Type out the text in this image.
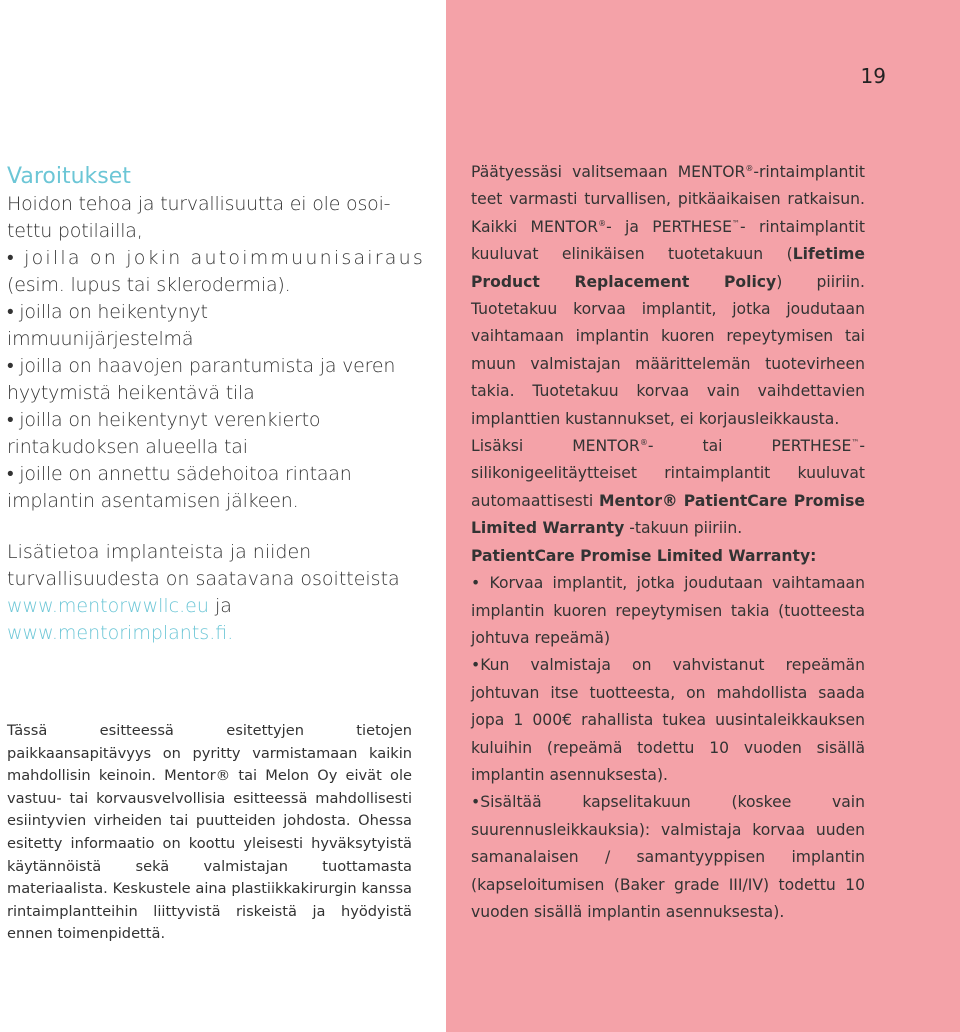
19
Varoitukset
Hoidon tehoa ja turvallisuutta ei ole osoi-
tettu potilailla,
• joilla on jokin autoimmuunisairaus
(esim. lupus tai sklerodermia).
• joilla on heikentynyt
immuunijärjestelmä
• joilla on haavojen parantumista ja veren
hyytymistä heikentävä tila
• joilla on heikentynyt verenkierto
rintakudoksen alueella tai
• joille on annettu sädehoitoa rintaan
implantin asentamisen jälkeen.
Lisätietoa implanteista ja niiden turvallisuudesta on saatavana osoitteista www.mentorwwllc.eu ja www.mentorimplants.fi.
Tässä esitteessä esitettyjen tietojen paikkaansapitävyys on pyritty varmistamaan kaikin mahdollisin keinoin. Mentor® tai Melon Oy eivät ole vastuu- tai korvausvelvollisia esitteessä mahdollisesti esiintyvien virheiden tai puutteiden johdosta. Ohessa esitetty informaatio on koottu yleisesti hyväksytyistä käytännöistä sekä valmistajan tuottamasta materiaalista. Keskustele aina plastiikkakirurgin kanssa rintaimplantteihin liittyvistä riskeistä ja hyödyistä ennen toimenpidettä.

Päätyessäsi valitsemaan MENTOR®-rintaimplantit teet varmasti turvallisen, pitkäaikaisen ratkaisun. Kaikki MENTOR®- ja PERTHESE™- rintaimplantit kuuluvat elinikäisen tuotetakuun (Lifetime Product Replacement Policy) piiriin. Tuotetakuu korvaa implantit, jotka joudutaan vaihtamaan implantin kuoren repeytymisen tai muun valmistajan määrittelemän tuotevirheen takia. Tuotetakuu korvaa vain vaihdettavien implanttien kustannukset, ei korjausleikkausta.

Lisäksi MENTOR®- tai PERTHESE™- silikonigeelitäytteiset rintaimplantit kuuluvat automaattisesti Mentor® PatientCare Promise Limited Warranty -takuun piiriin.

PatientCare Promise Limited Warranty:

• Korvaa implantit, jotka joudutaan vaihtamaan implantin kuoren repeytymisen takia (tuotteesta johtuva repeämä)
•Kun valmistaja on vahvistanut repeämän johtuvan itse tuotteesta, on mahdollista saada jopa 1 000€ rahallista tukea uusintaleikkauksen kuluihin (repeämä todettu 10 vuoden sisällä implantin asennuksesta).
•Sisältää kapselitakuun (koskee vain suurennusleikkauksia): valmistaja korvaa uuden samanalaisen / samantyyppisen implantin (kapseloitumisen (Baker grade III/IV) todettu 10 vuoden sisällä implantin asennuksesta).
